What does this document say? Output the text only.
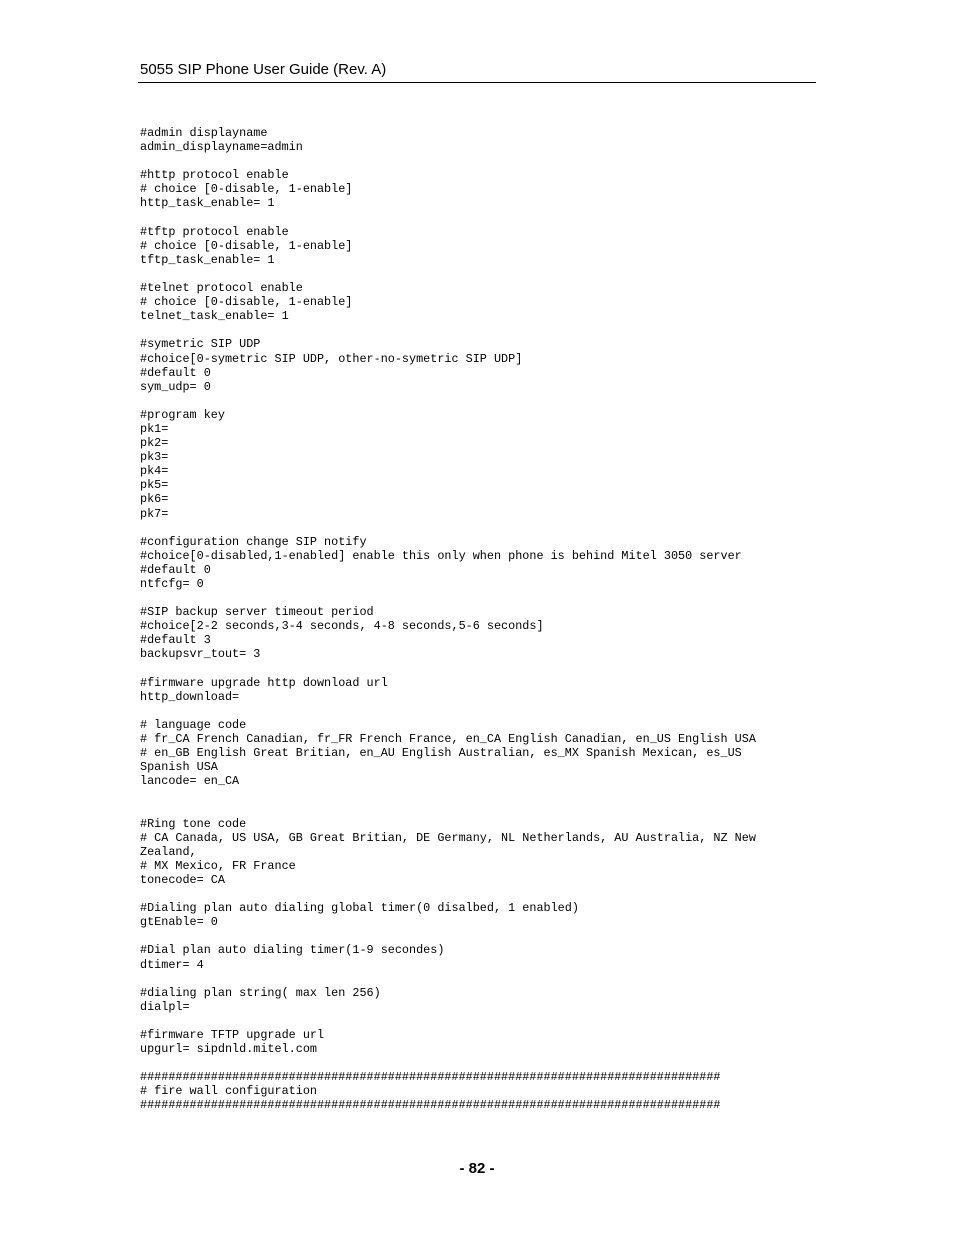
5055 SIP Phone User Guide (Rev. A)
#admin displayname
admin_displayname=admin
#http protocol enable
# choice [0-disable, 1-enable]
http_task_enable= 1
#tftp protocol enable
# choice [0-disable, 1-enable]
tftp_task_enable= 1
#telnet protocol enable
# choice [0-disable, 1-enable]
telnet_task_enable= 1
#symetric SIP UDP
#choice[0-symetric SIP UDP, other-no-symetric SIP UDP]
#default 0
sym_udp= 0
#program key
pk1=
pk2=
pk3=
pk4=
pk5=
pk6=
pk7=
#configuration change SIP notify
#choice[0-disabled,1-enabled] enable this only when phone is behind Mitel 3050 server
#default 0
ntfcfg= 0
#SIP backup server timeout period
#choice[2-2 seconds,3-4 seconds, 4-8 seconds,5-6 seconds]
#default 3
backupsvr_tout= 3
#firmware upgrade http download url
http_download=
# language code
# fr_CA French Canadian, fr_FR French France, en_CA English Canadian, en_US English USA
# en_GB English Great Britian, en_AU English Australian, es_MX Spanish Mexican, es_US
Spanish USA
lancode= en_CA
#Ring tone code
# CA Canada, US USA, GB Great Britian, DE Germany, NL Netherlands, AU Australia, NZ New
Zealand,
# MX Mexico, FR France
tonecode= CA
#Dialing plan auto dialing global timer(0 disalbed, 1 enabled)
gtEnable= 0
#Dial plan auto dialing timer(1-9 secondes)
dtimer= 4
#dialing plan string( max len 256)
dialpl=
#firmware TFTP upgrade url
upgurl= sipdnld.mitel.com
##################################################################################
# fire wall configuration
##################################################################################
- 82 -
